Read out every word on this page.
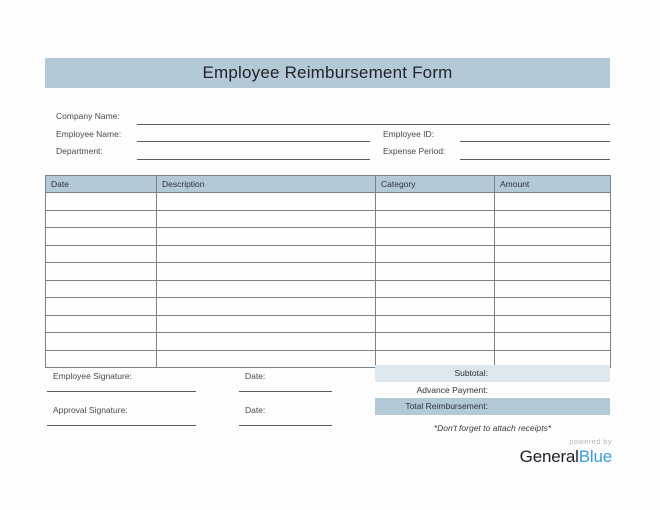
Employee Reimbursement Form
Company Name:
Employee Name:	Employee ID:
Department:	Expense Period:
Date	Description	Category	Amount

Employee Signature:	Date:
Approval Signature:	Date:
Subtotal:
Advance Payment:
Total Reimbursement:
*Don't forget to attach receipts*
powered by
GeneralBlue
